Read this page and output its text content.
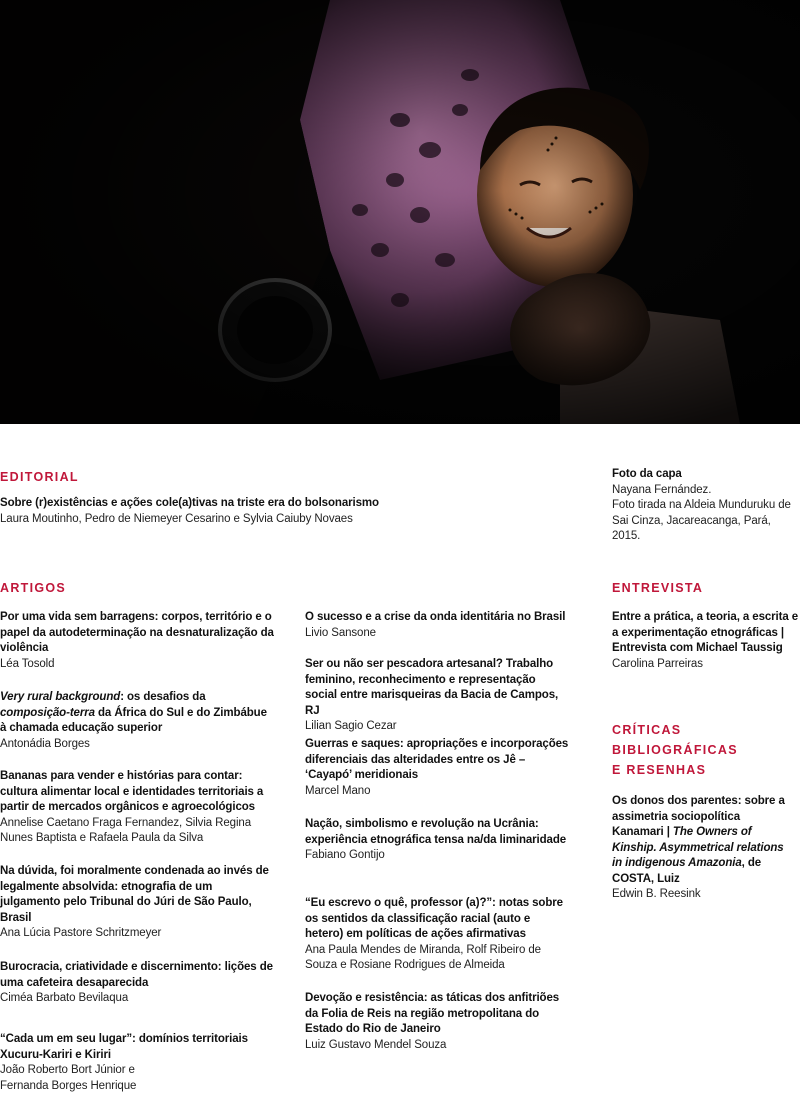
EDITORIAL
Sobre (r)existências e ações cole(a)tivas na triste era do bolsonarismo
Laura Moutinho, Pedro de Niemeyer Cesarino e Sylvia Caiuby Novaes
Foto da capa
Nayana Fernández.
Foto tirada na Aldeia Munduruku de Sai Cinza, Jacareacanga, Pará, 2015.
ARTIGOS
Por uma vida sem barragens: corpos, território e o papel da autodeterminação na desnaturalização da violência
Léa Tosold
Very rural background: os desafios da composição-terra da África do Sul e do Zimbábue à chamada educação superior
Antonádia Borges
Bananas para vender e histórias para contar: cultura alimentar local e identidades territoriais a partir de mercados orgânicos e agroecológicos
Annelise Caetano Fraga Fernandez, Silvia Regina Nunes Baptista e Rafaela Paula da Silva
Na dúvida, foi moralmente condenada ao invés de legalmente absolvida: etnografia de um julgamento pelo Tribunal do Júri de São Paulo, Brasil
Ana Lúcia Pastore Schritzmeyer
Burocracia, criatividade e discernimento: lições de uma cafeteira desaparecida
Ciméa Barbato Bevilaqua
“Cada um em seu lugar”: domínios territoriais Xucuru-Kariri e Kiriri
João Roberto Bort Júnior e Fernanda Borges Henrique
O sucesso e a crise da onda identitária no Brasil
Livio Sansone
Ser ou não ser pescadora artesanal? Trabalho feminino, reconhecimento e representação social entre marisqueiras da Bacia de Campos, RJ
Lilian Sagio Cezar
Guerras e saques: apropriações e incorporações diferenciais das alteridades entre os Jê – ‘Cayapó’ meridionais
Marcel Mano
Nação, simbolismo e revolução na Ucrânia: experiência etnográfica tensa na/da liminaridade
Fabiano Gontijo
“Eu escrevo o quê, professor (a)?”: notas sobre os sentidos da classificação racial (auto e hetero) em políticas de ações afirmativas
Ana Paula Mendes de Miranda, Rolf Ribeiro de Souza e Rosiane Rodrigues de Almeida
Devoção e resistência: as táticas dos anfitriões da Folia de Reis na região metropolitana do Estado do Rio de Janeiro
Luiz Gustavo Mendel Souza
ENTREVISTA
Entre a prática, a teoria, a escrita e a experimentação etnográficas | Entrevista com Michael Taussig
Carolina Parreiras
CRÍTICAS
BIBLIOGRÁFICAS
E RESENHAS
Os donos dos parentes: sobre a assimetria sociopolítica Kanamari | The Owners of Kinship. Asymmetrical relations in indigenous Amazonia, de COSTA, Luiz
Edwin B. Reesink
